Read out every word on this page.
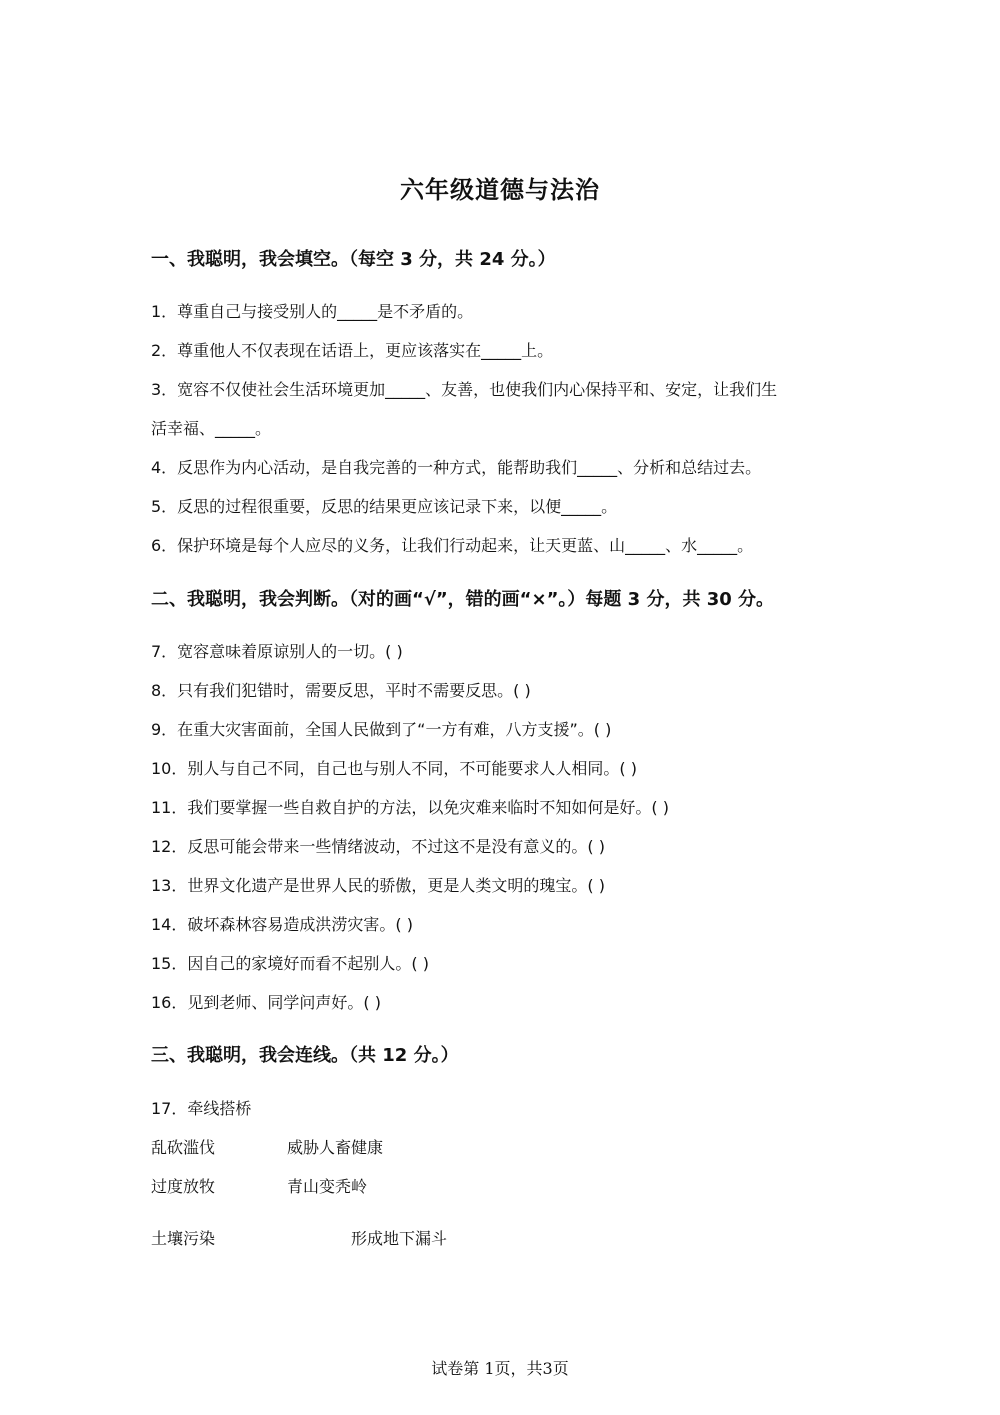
六年级道德与法治
一、我聪明，我会填空。（每空 3 分，共 24 分。）
1．尊重自己与接受别人的_____是不矛盾的。
2．尊重他人不仅表现在话语上，更应该落实在_____上。
3．宽容不仅使社会生活环境更加_____、友善，也使我们内心保持平和、安定，让我们生
活幸福、_____。
4．反思作为内心活动，是自我完善的一种方式，能帮助我们_____、分析和总结过去。
5．反思的过程很重要，反思的结果更应该记录下来，以便_____。
6．保护环境是每个人应尽的义务，让我们行动起来，让天更蓝、山_____、水_____。
二、我聪明，我会判断。（对的画“√”，错的画“×”。）每题 3 分，共 30 分。
7．宽容意味着原谅别人的一切。( )
8．只有我们犯错时，需要反思，平时不需要反思。( )
9．在重大灾害面前，全国人民做到了“一方有难，八方支援”。( )
10．别人与自己不同，自己也与别人不同，不可能要求人人相同。( )
11．我们要掌握一些自救自护的方法，以免灾难来临时不知如何是好。( )
12．反思可能会带来一些情绪波动，不过这不是没有意义的。( )
13．世界文化遗产是世界人民的骄傲，更是人类文明的瑰宝。( )
14．破坏森林容易造成洪涝灾害。( )
15．因自己的家境好而看不起别人。( )
16．见到老师、同学问声好。( )
三、我聪明，我会连线。（共 12 分。）
17．牵线搭桥
乱砍滥伐	威胁人畜健康
过度放牧	青山变秃岭
土壤污染	形成地下漏斗
试卷第 1页，共3页
